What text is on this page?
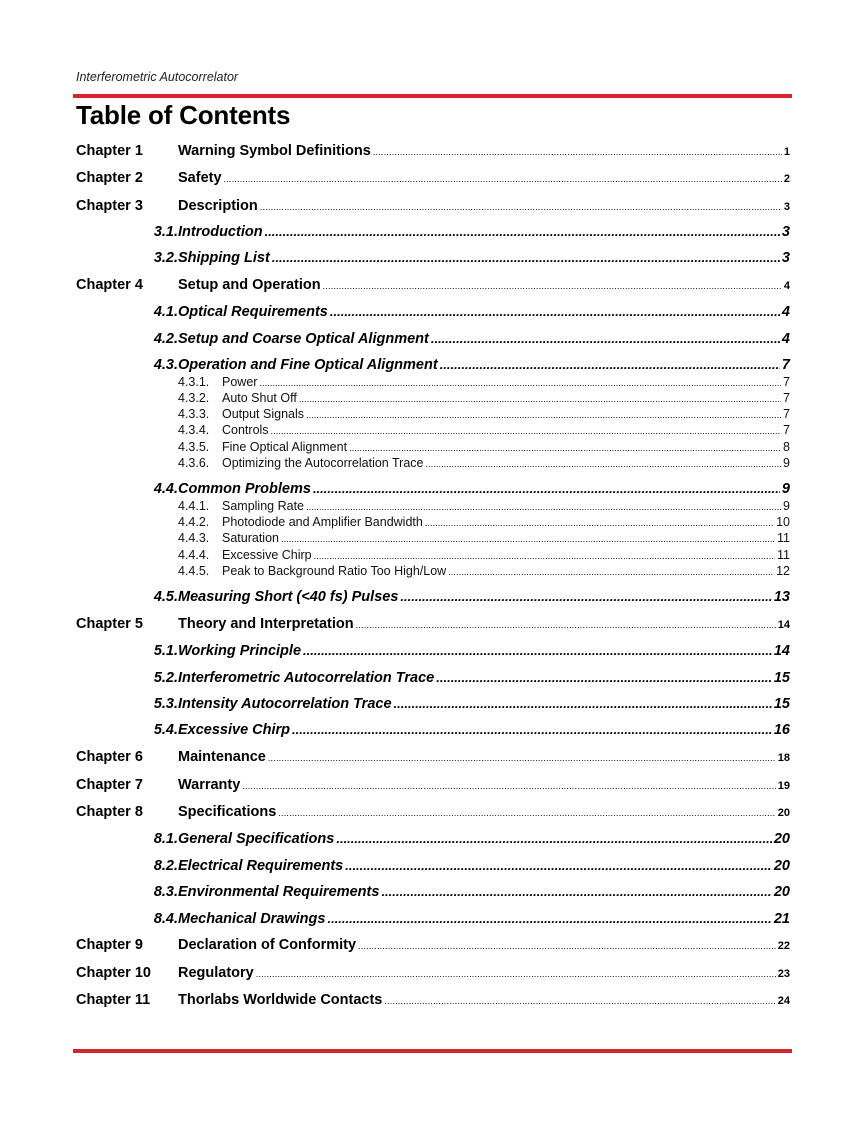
Interferometric Autocorrelator
Table of Contents
Chapter 1	Warning Symbol Definitions .....	1
Chapter 2	Safety .....	2
Chapter 3	Description .....	3
3.1. Introduction .....	3
3.2. Shipping List .....	3
Chapter 4	Setup and Operation .....	4
4.1. Optical Requirements .....	4
4.2. Setup and Coarse Optical Alignment .....	4
4.3. Operation and Fine Optical Alignment .....	7
4.3.1.	Power .....	7
4.3.2.	Auto Shut Off .....	7
4.3.3.	Output Signals .....	7
4.3.4.	Controls .....	7
4.3.5.	Fine Optical Alignment .....	8
4.3.6.	Optimizing the Autocorrelation Trace .....	9
4.4. Common Problems .....	9
4.4.1.	Sampling Rate .....	9
4.4.2.	Photodiode and Amplifier Bandwidth .....	10
4.4.3.	Saturation .....	11
4.4.4.	Excessive Chirp .....	11
4.4.5.	Peak to Background Ratio Too High/Low .....	12
4.5. Measuring Short (<40 fs) Pulses .....	13
Chapter 5	Theory and Interpretation .....	14
5.1. Working Principle .....	14
5.2. Interferometric Autocorrelation Trace .....	15
5.3. Intensity Autocorrelation Trace .....	15
5.4. Excessive Chirp .....	16
Chapter 6	Maintenance .....	18
Chapter 7	Warranty .....	19
Chapter 8	Specifications .....	20
8.1. General Specifications .....	20
8.2. Electrical Requirements .....	20
8.3. Environmental Requirements .....	20
8.4. Mechanical Drawings .....	21
Chapter 9	Declaration of Conformity .....	22
Chapter 10	Regulatory .....	23
Chapter 11	Thorlabs Worldwide Contacts .....	24
